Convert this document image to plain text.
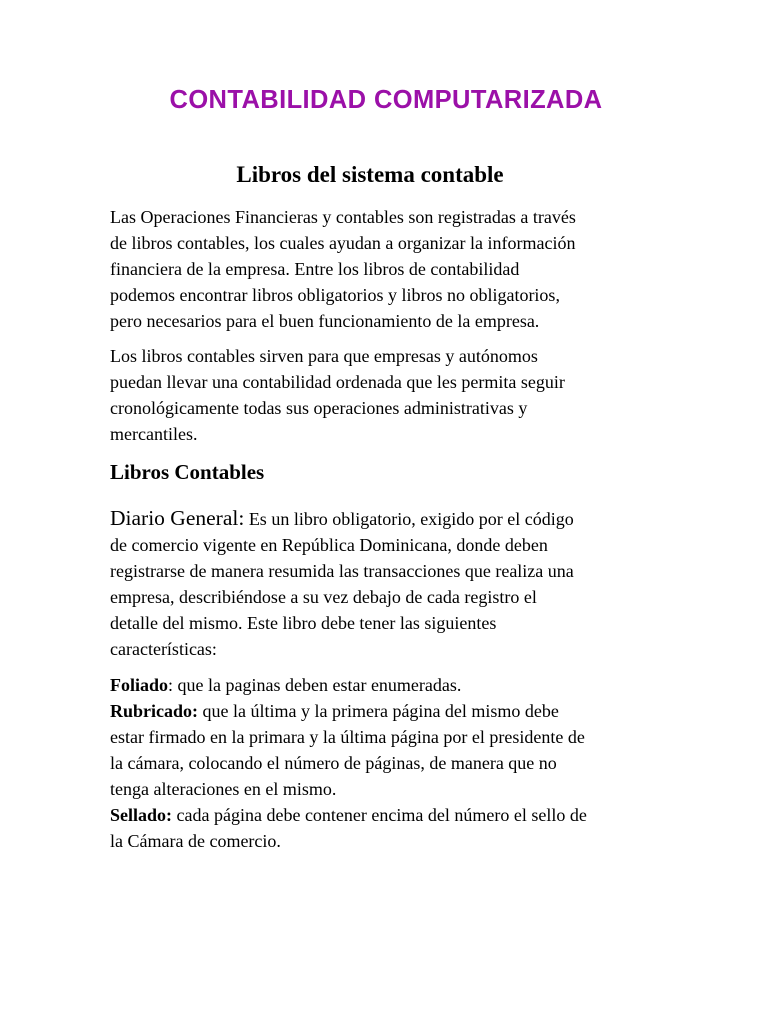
CONTABILIDAD COMPUTARIZADA
Libros del sistema contable
Las Operaciones Financieras y contables son registradas a través
de libros contables, los cuales ayudan a organizar la información
financiera de la empresa. Entre los libros de contabilidad
podemos encontrar libros obligatorios y libros no obligatorios,
pero necesarios para el buen funcionamiento de la empresa.
Los libros contables sirven para que empresas y autónomos
puedan llevar una contabilidad ordenada que les permita seguir
cronológicamente todas sus operaciones administrativas y
mercantiles.
Libros Contables
Diario General: Es un libro obligatorio, exigido por el código
de comercio vigente en República Dominicana, donde deben
registrarse de manera resumida las transacciones que realiza una
empresa, describiéndose a su vez debajo de cada registro el
detalle del mismo. Este libro debe tener las siguientes
características:
Foliado: que la paginas deben estar enumeradas.
Rubricado: que la última y la primera página del mismo debe
estar firmado en la primara y la última página por el presidente de
la cámara, colocando el número de páginas, de manera que no
tenga alteraciones en el mismo.
Sellado: cada página debe contener encima del número el sello de
la Cámara de comercio.
